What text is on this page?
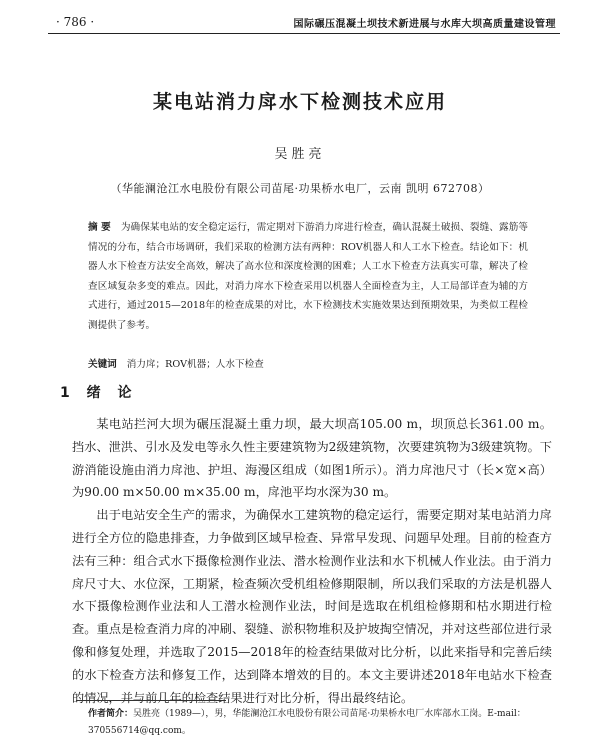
· 786 ·	国际碾压混凝土坝技术新进展与水库大坝高质量建设管理
某电站消力戽水下检测技术应用
吴胜亮
（华能澜沧江水电股份有限公司苗尾·功果桥水电厂，云南 凯明 672708）
摘 要 为确保某电站的安全稳定运行，需定期对下游消力戽进行检查，确认混凝土破损、裂缝、露筋等情况的分布，结合市场调研，我们采取的检测方法有两种：ROV机器人和人工水下检查。结论如下：机器人水下检查方法安全高效，解决了高水位和深度检测的困难；人工水下检查方法真实可靠，解决了检查区域复杂多变的难点。因此，对消力戽水下检查采用以机器人全面检查为主，人工局部详查为辅的方式进行，通过2015—2018年的检查成果的对比，水下检测技术实施效果达到预期效果，为类似工程检测提供了参考。
关键词 消力戽；ROV机器；人水下检查
1 绪 论

某电站拦河大坝为碾压混凝土重力坝，最大坝高105.00 m，坝顶总长361.00 m。挡水、泄洪、引水及发电等永久性主要建筑物为2级建筑物，次要建筑物为3级建筑物。下游消能设施由消力戽池、护坦、海漫区组成（如图1所示）。消力戽池尺寸（长×宽×高）为90.00 m×50.00 m×35.00 m，戽池平均水深为30 m。

出于电站安全生产的需求，为确保水工建筑物的稳定运行，需要定期对某电站消力戽进行全方位的隐患排查，力争做到区域早检查、异常早发现、问题早处理。目前的检查方法有三种：组合式水下摄像检测作业法、潜水检测作业法和水下机械人作业法。由于消力戽尺寸大、水位深，工期紧，检查频次受机组检修期限制，所以我们采取的方法是机器人水下摄像检测作业法和人工潜水检测作业法，时间是选取在机组检修期和枯水期进行检查。重点是检查消力戽的冲刷、裂缝、淤积物堆积及护坡掏空情况，并对这些部位进行录像和修复处理，并选取了2015—2018年的检查结果做对比分析，以此来指导和完善后续的水下检查方法和修复工作，达到降本增效的目的。本文主要讲述2018年电站水下检查的情况，并与前几年的检查结果进行对比分析，得出最终结论。

作者简介：吴胜亮（1989—），男，华能澜沧江水电股份有限公司苗尾·功果桥水电厂水库部水工岗。E-mail：370556714@qq.com。
